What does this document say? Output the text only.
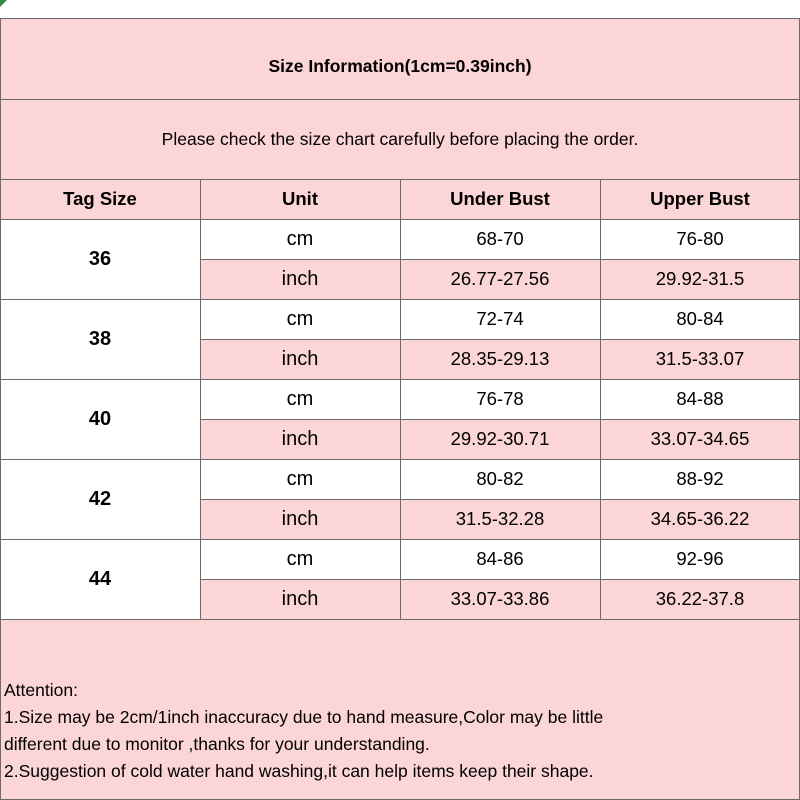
Size Information(1cm=0.39inch)
Please check the size chart carefully before placing the order.
Tag Size	Unit	Under Bust	Upper Bust
36
cm	68-70	76-80
inch	26.77-27.56	29.92-31.5
38
cm	72-74	80-84
inch	28.35-29.13	31.5-33.07
40
cm	76-78	84-88
inch	29.92-30.71	33.07-34.65
42
cm	80-82	88-92
inch	31.5-32.28	34.65-36.22
44
cm	84-86	92-96
inch	33.07-33.86	36.22-37.8
Attention:
1.Size may be 2cm/1inch inaccuracy due to hand measure,Color may be little
different due to monitor ,thanks for your understanding.
2.Suggestion of cold water hand washing,it can help items keep their shape.
